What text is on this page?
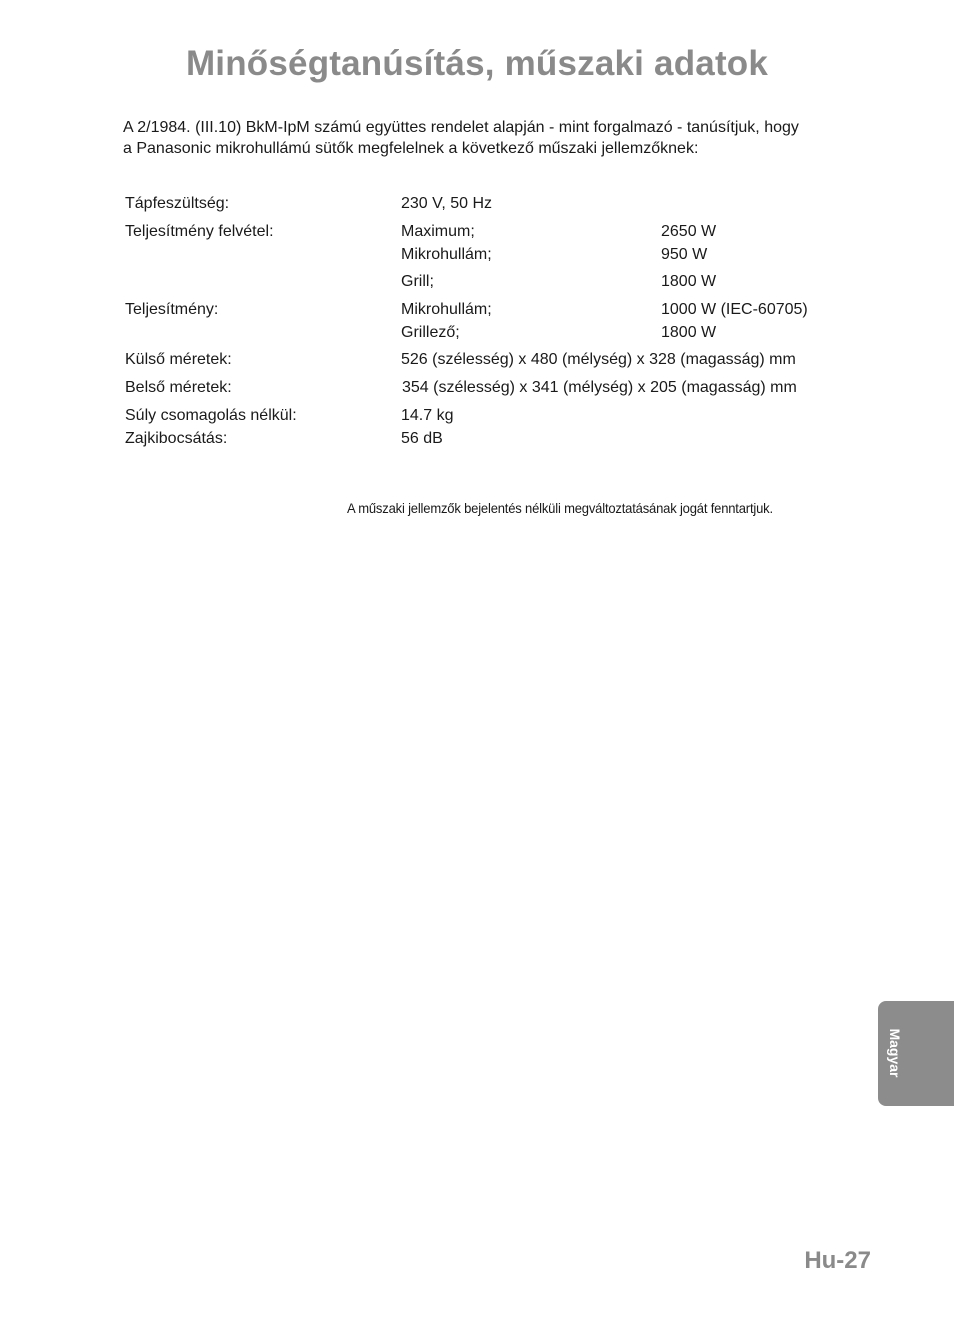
Minőségtanúsítás, műszaki adatok
A 2/1984. (III.10) BkM-IpM számú együttes rendelet alapján - mint forgalmazó - tanúsítjuk, hogy
a Panasonic mikrohullámú sütők megfelelnek a következő műszaki jellemzőknek:
Tápfeszültség:	230 V, 50 Hz
Teljesítmény felvétel:	Maximum;	2650 W
Mikrohullám;	950 W
Grill;	1800 W
Teljesítmény:	Mikrohullám;	1000 W (IEC-60705)
Grillező;	1800 W
Külső méretek:	526 (szélesség) x 480 (mélység) x 328 (magasság) mm
Belső méretek:	354 (szélesség) x 341 (mélység) x 205 (magasság) mm
Súly csomagolás nélkül:	14.7 kg
Zajkibocsátás:	56 dB
A műszaki jellemzők bejelentés nélküli megváltoztatásának jogát fenntartjuk.
Magyar
Hu-27
